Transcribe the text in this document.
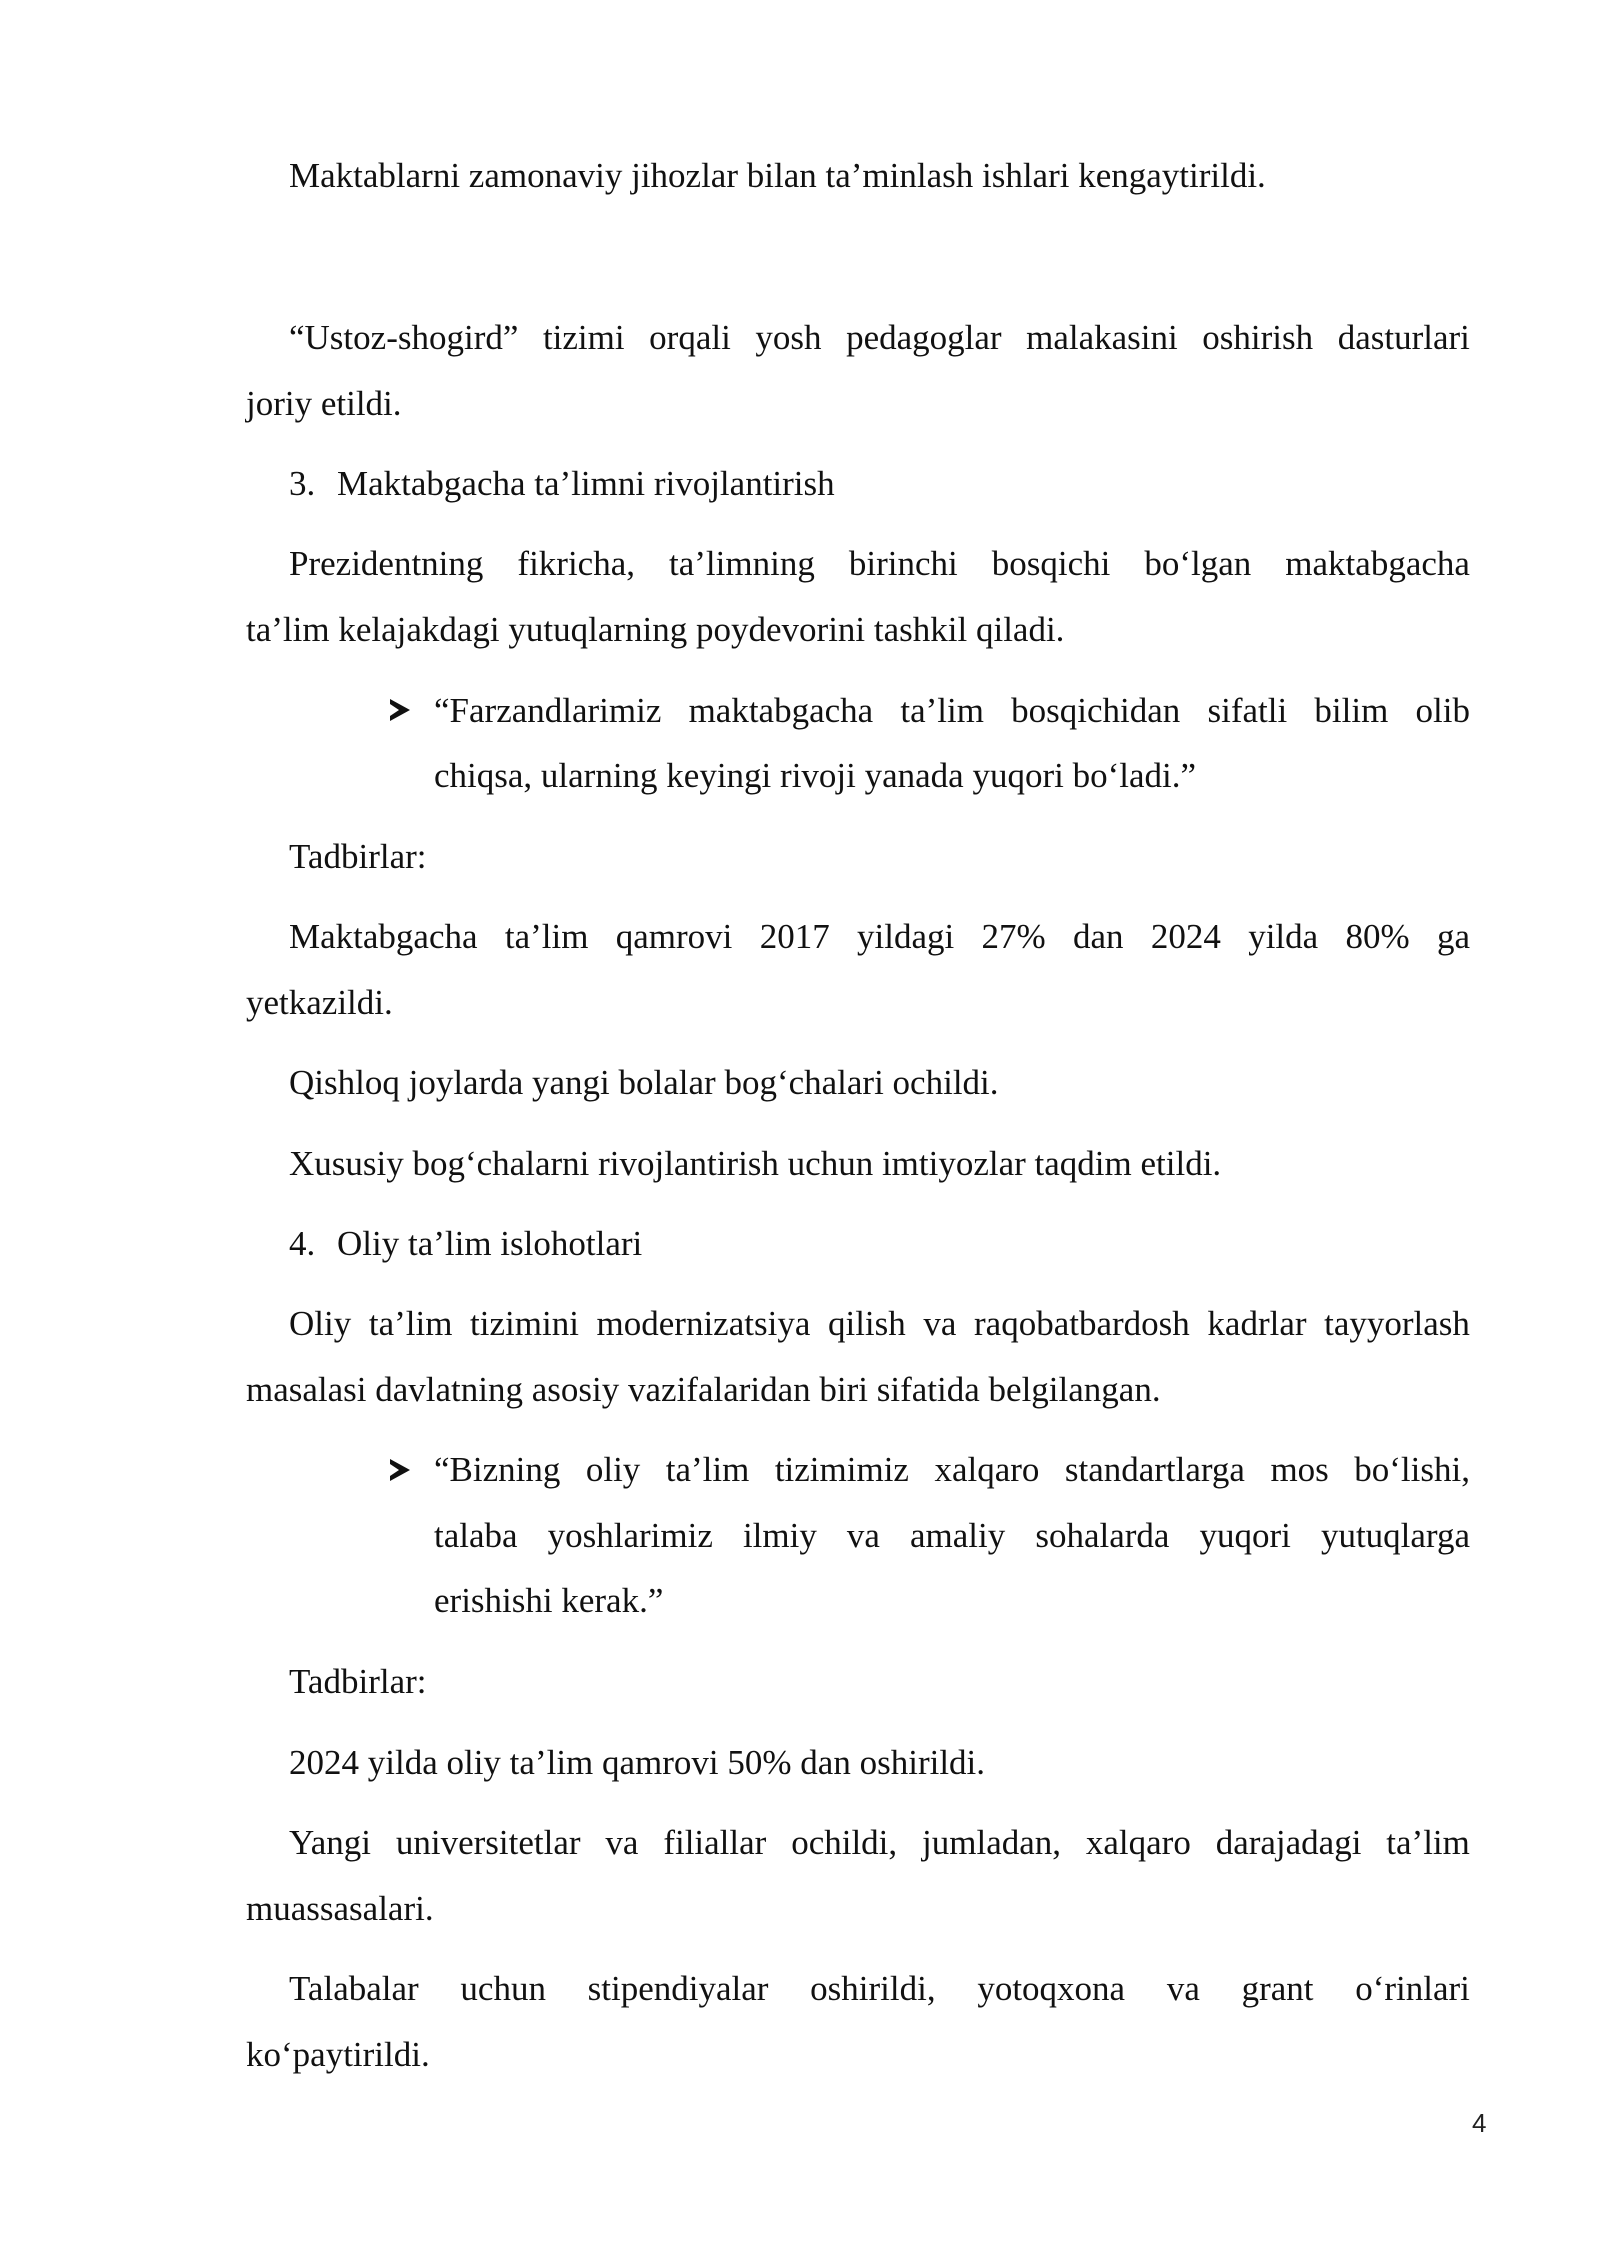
Maktablarni zamonaviy jihozlar bilan ta’minlash ishlari kengaytirildi.
“Ustoz-shogird” tizimi orqali yosh pedagoglar malakasini oshirish dasturlari
joriy etildi.
3. Maktabgacha ta’limni rivojlantirish
Prezidentning fikricha, ta’limning birinchi bosqichi bo‘lgan maktabgacha
ta’lim kelajakdagi yutuqlarning poydevorini tashkil qiladi.
“Farzandlarimiz maktabgacha ta’lim bosqichidan sifatli bilim olib
chiqsa, ularning keyingi rivoji yanada yuqori bo‘ladi.”
Tadbirlar:
Maktabgacha ta’lim qamrovi 2017 yildagi 27% dan 2024 yilda 80% ga
yetkazildi.
Qishloq joylarda yangi bolalar bog‘chalari ochildi.
Xususiy bog‘chalarni rivojlantirish uchun imtiyozlar taqdim etildi.
4. Oliy ta’lim islohotlari
Oliy ta’lim tizimini modernizatsiya qilish va raqobatbardosh kadrlar tayyorlash
masalasi davlatning asosiy vazifalaridan biri sifatida belgilangan.
“Bizning oliy ta’lim tizimimiz xalqaro standartlarga mos bo‘lishi,
talaba yoshlarimiz ilmiy va amaliy sohalarda yuqori yutuqlarga
erishishi kerak.”
Tadbirlar:
2024 yilda oliy ta’lim qamrovi 50% dan oshirildi.
Yangi universitetlar va filiallar ochildi, jumladan, xalqaro darajadagi ta’lim
muassasalari.
Talabalar uchun stipendiyalar oshirildi, yotoqxona va grant o‘rinlari
ko‘paytirildi.
4
